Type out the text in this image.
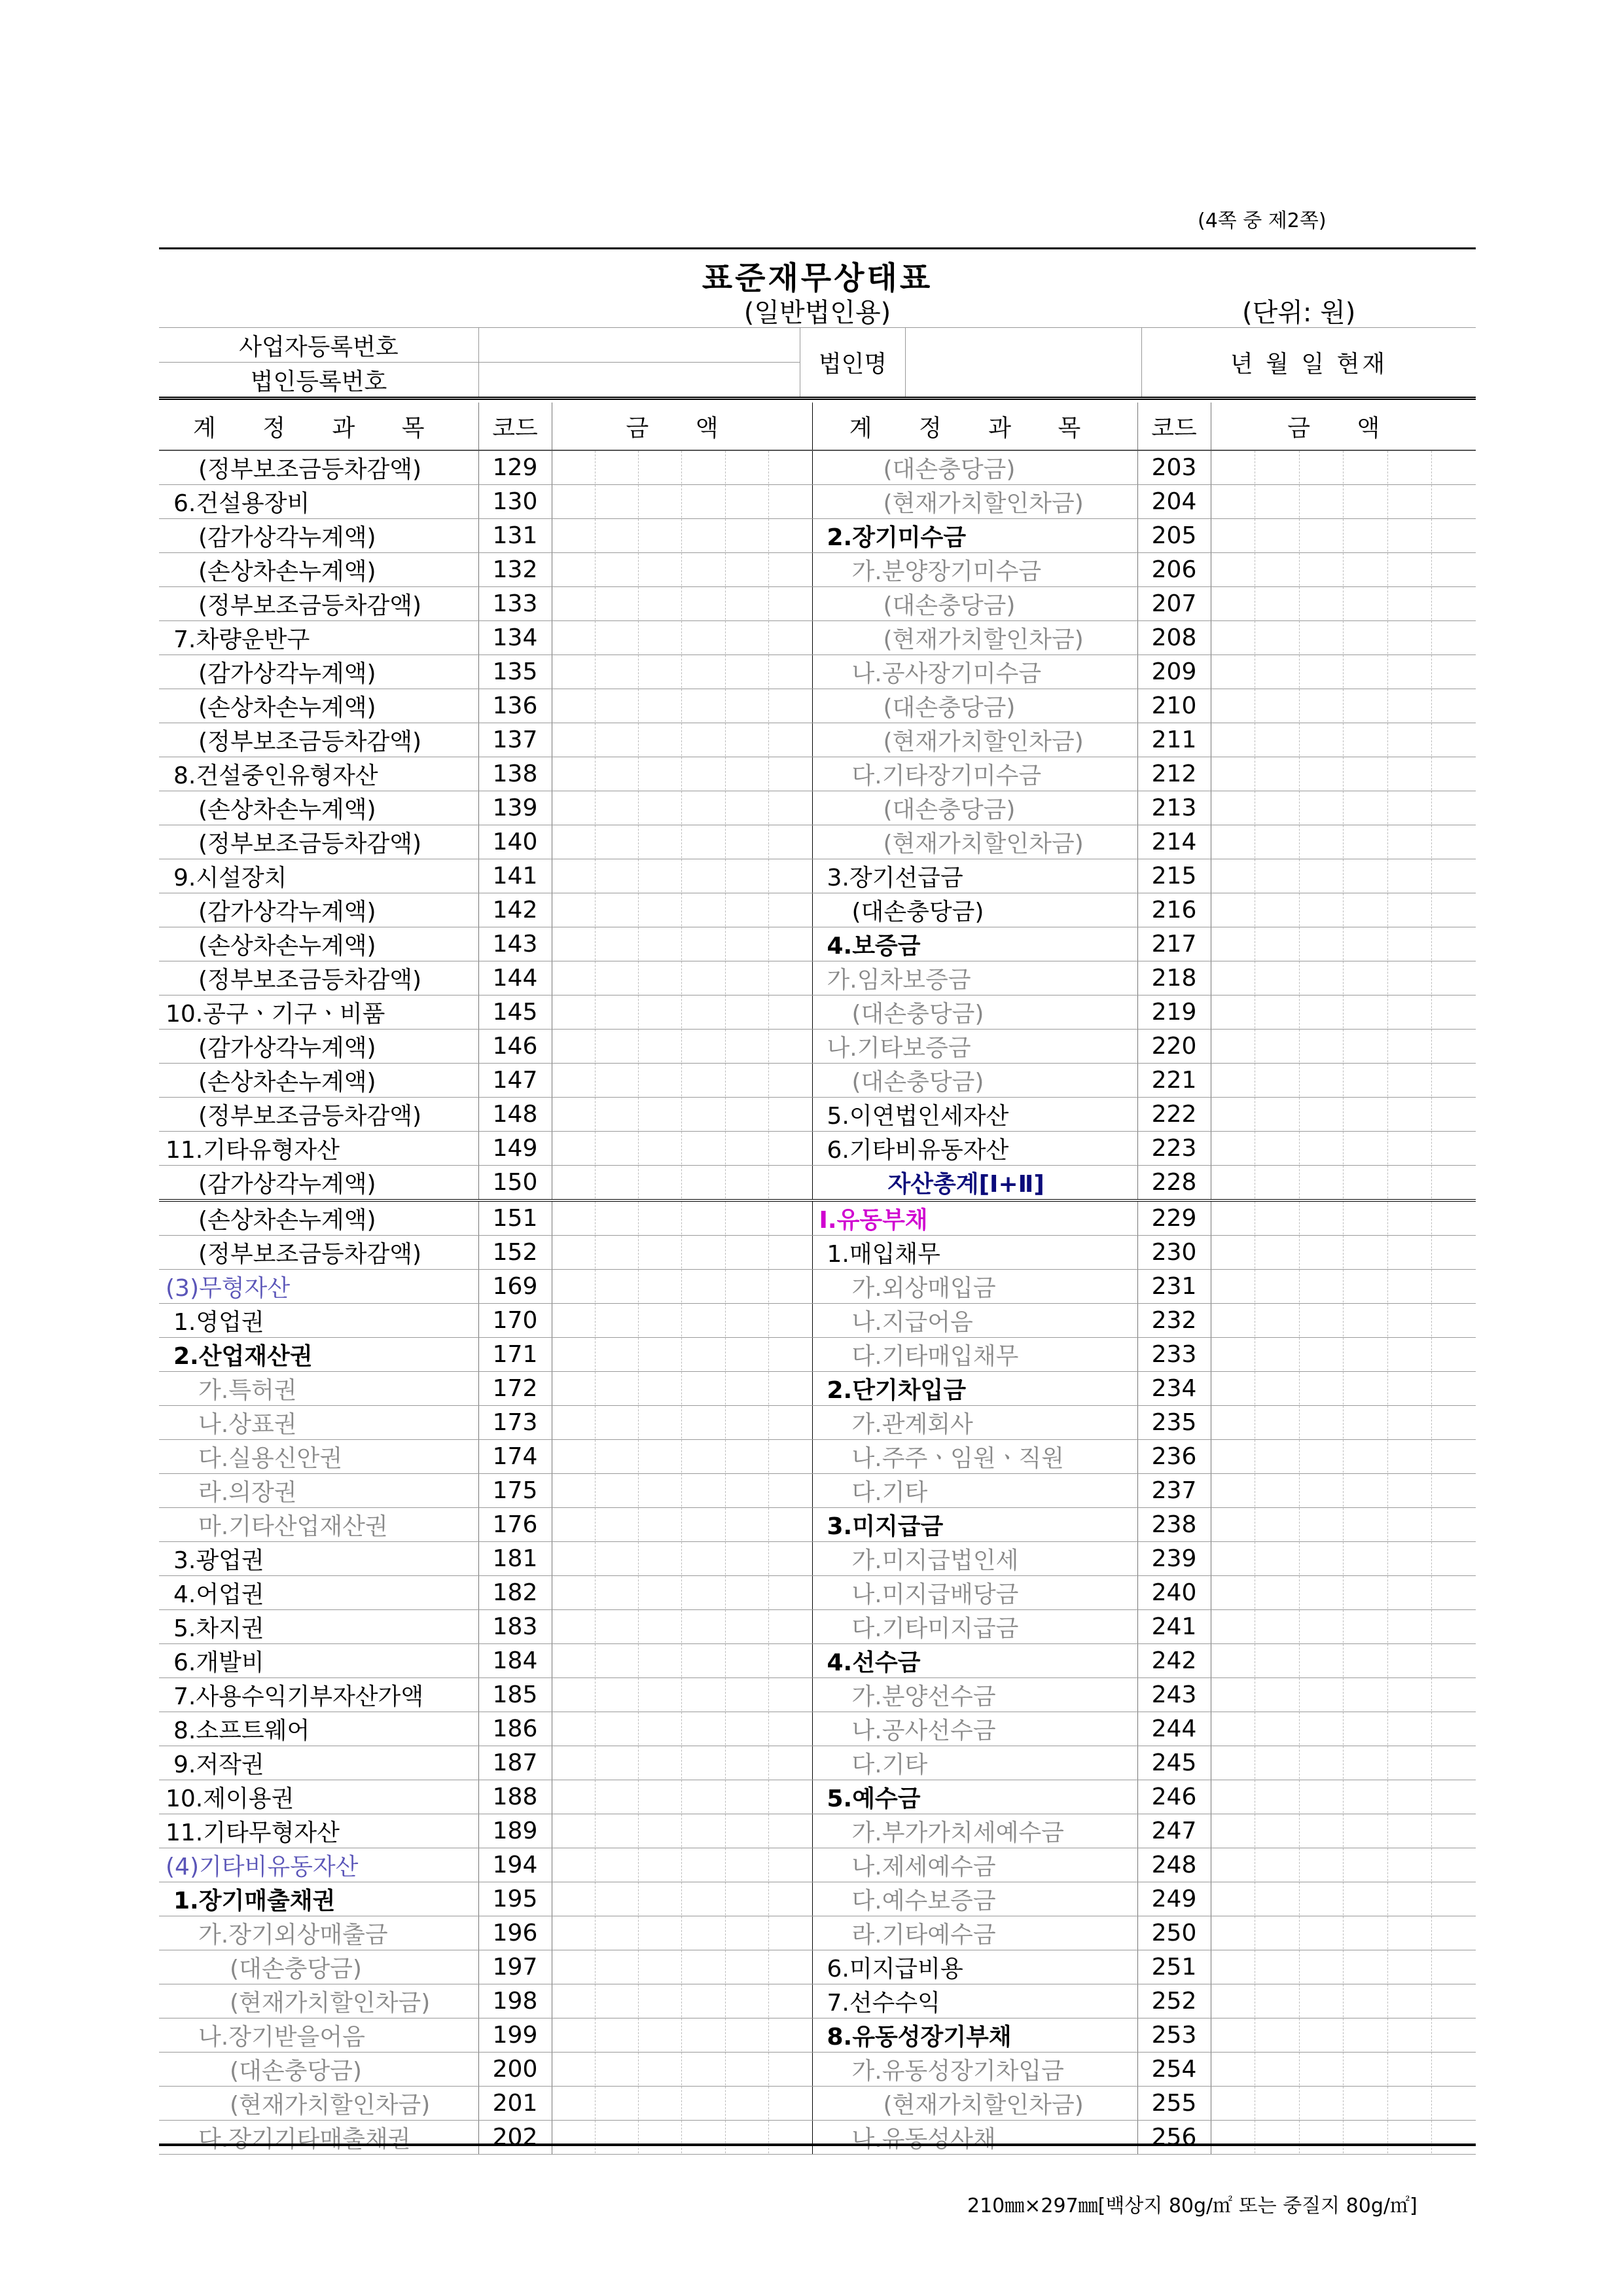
(4쪽 중 제2쪽)
표준재무상태표
(일반법인용)	(단위: 원)
사업자등록번호		법인명		년 월 일 현재
법인등록번호				
계 정 과 목	코드	금 액	계 정 과 목	코드	금 액
(정부보조금등차감액)	129		(대손충당금)	203	

6.건설용장비	130		(현재가치할인차금)	204	

(감가상각누계액)	131		2.장기미수금	205	

(손상차손누계액)	132		가.분양장기미수금	206	

(정부보조금등차감액)	133		(대손충당금)	207	

7.차량운반구	134		(현재가치할인차금)	208	

(감가상각누계액)	135		나.공사장기미수금	209	

(손상차손누계액)	136		(대손충당금)	210	

(정부보조금등차감액)	137		(현재가치할인차금)	211	

8.건설중인유형자산	138		다.기타장기미수금	212	

(손상차손누계액)	139		(대손충당금)	213	

(정부보조금등차감액)	140		(현재가치할인차금)	214	

9.시설장치	141		3.장기선급금	215	

(감가상각누계액)	142		(대손충당금)	216	

(손상차손누계액)	143		4.보증금	217	

(정부보조금등차감액)	144		가.임차보증금	218	

10.공구ㆍ기구ㆍ비품	145		(대손충당금)	219	

(감가상각누계액)	146		나.기타보증금	220	

(손상차손누계액)	147		(대손충당금)	221	

(정부보조금등차감액)	148		5.이연법인세자산	222	

11.기타유형자산	149		6.기타비유동자산	223	

(감가상각누계액)	150		자산총계[Ⅰ+Ⅱ]	228	

(손상차손누계액)	151		Ⅰ.유동부채	229	

(정부보조금등차감액)	152		1.매입채무	230	

(3)무형자산	169		가.외상매입금	231	

1.영업권	170		나.지급어음	232	

2.산업재산권	171		다.기타매입채무	233	

가.특허권	172		2.단기차입금	234	

나.상표권	173		가.관계회사	235	

다.실용신안권	174		나.주주ㆍ임원ㆍ직원	236	

라.의장권	175		다.기타	237	

마.기타산업재산권	176		3.미지급금	238	

3.광업권	181		가.미지급법인세	239	

4.어업권	182		나.미지급배당금	240	

5.차지권	183		다.기타미지급금	241	

6.개발비	184		4.선수금	242	

7.사용수익기부자산가액	185		가.분양선수금	243	

8.소프트웨어	186		나.공사선수금	244	

9.저작권	187		다.기타	245	

10.제이용권	188		5.예수금	246	

11.기타무형자산	189		가.부가가치세예수금	247	

(4)기타비유동자산	194		나.제세예수금	248	

1.장기매출채권	195		다.예수보증금	249	

가.장기외상매출금	196		라.기타예수금	250	

(대손충당금)	197		6.미지급비용	251	

(현재가치할인차금)	198		7.선수수익	252	

나.장기받을어음	199		8.유동성장기부채	253	

(대손충당금)	200		가.유동성장기차입금	254	

(현재가치할인차금)	201		(현재가치할인차금)	255	

다.장기기타매출채권	202		나.유동성사채	256	
210㎜×297㎜[백상지 80g/㎡ 또는 중질지 80g/㎡]
